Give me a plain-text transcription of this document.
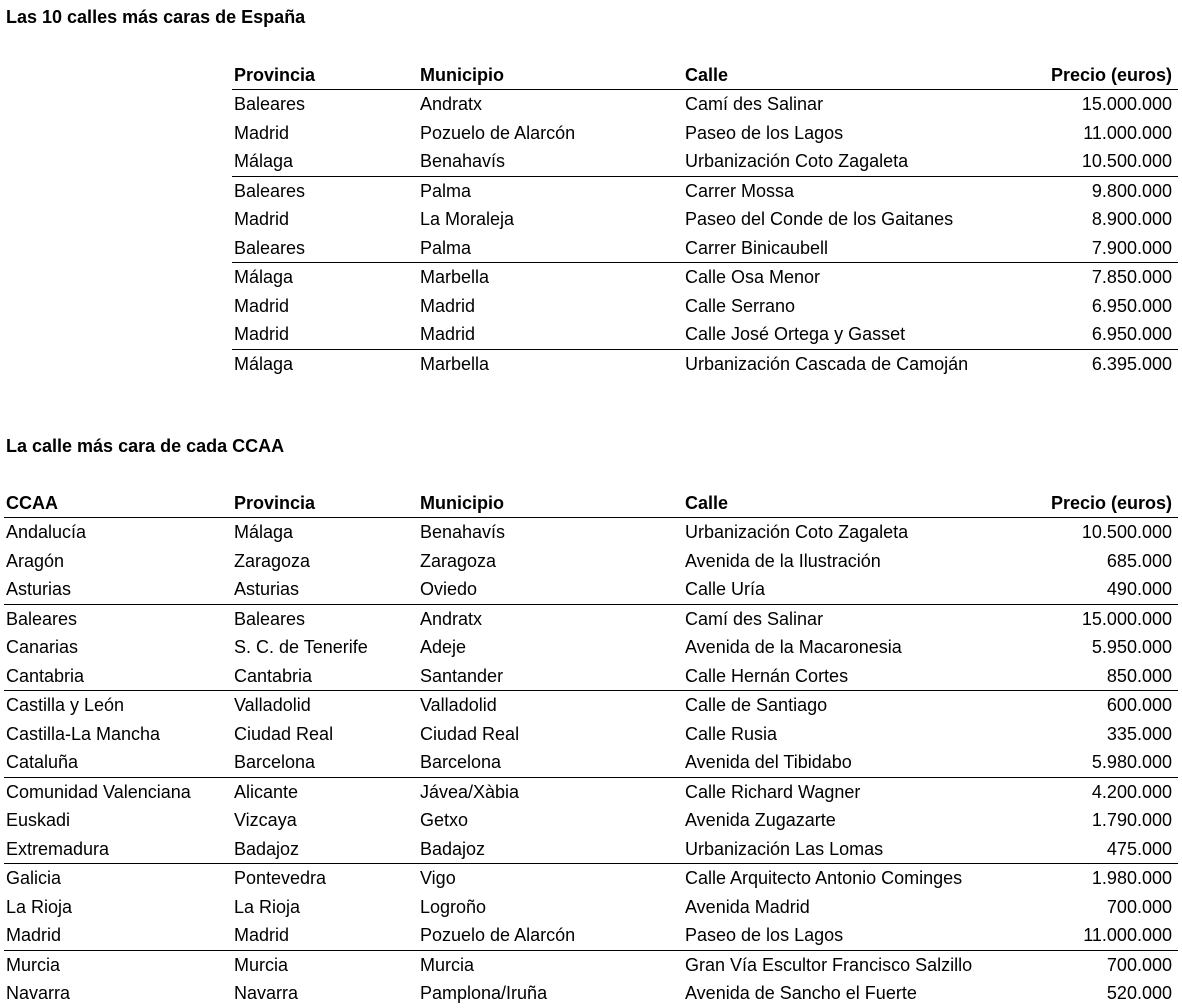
Las 10 calles más caras de España
Provincia	Municipio	Calle	Precio (euros)
Baleares	Andratx	Camí des Salinar	15.000.000
Madrid	Pozuelo de Alarcón	Paseo de los Lagos	11.000.000
Málaga	Benahavís	Urbanización Coto Zagaleta	10.500.000
Baleares	Palma	Carrer Mossa	9.800.000
Madrid	La Moraleja	Paseo del Conde de los Gaitanes	8.900.000
Baleares	Palma	Carrer Binicaubell	7.900.000
Málaga	Marbella	Calle Osa Menor	7.850.000
Madrid	Madrid	Calle Serrano	6.950.000
Madrid	Madrid	Calle José Ortega y Gasset	6.950.000
Málaga	Marbella	Urbanización Cascada de Camoján	6.395.000
La calle más cara de cada CCAA
CCAA	Provincia	Municipio	Calle	Precio (euros)
Andalucía	Málaga	Benahavís	Urbanización Coto Zagaleta	10.500.000
Aragón	Zaragoza	Zaragoza	Avenida de la Ilustración	685.000
Asturias	Asturias	Oviedo	Calle Uría	490.000
Baleares	Baleares	Andratx	Camí des Salinar	15.000.000
Canarias	S. C. de Tenerife	Adeje	Avenida de la Macaronesia	5.950.000
Cantabria	Cantabria	Santander	Calle Hernán Cortes	850.000
Castilla y León	Valladolid	Valladolid	Calle de Santiago	600.000
Castilla-La Mancha	Ciudad Real	Ciudad Real	Calle Rusia	335.000
Cataluña	Barcelona	Barcelona	Avenida del Tibidabo	5.980.000
Comunidad Valenciana	Alicante	Jávea/Xàbia	Calle Richard Wagner	4.200.000
Euskadi	Vizcaya	Getxo	Avenida Zugazarte	1.790.000
Extremadura	Badajoz	Badajoz	Urbanización Las Lomas	475.000
Galicia	Pontevedra	Vigo	Calle Arquitecto Antonio Cominges	1.980.000
La Rioja	La Rioja	Logroño	Avenida Madrid	700.000
Madrid	Madrid	Pozuelo de Alarcón	Paseo de los Lagos	11.000.000
Murcia	Murcia	Murcia	Gran Vía Escultor Francisco Salzillo	700.000
Navarra	Navarra	Pamplona/Iruña	Avenida de Sancho el Fuerte	520.000
